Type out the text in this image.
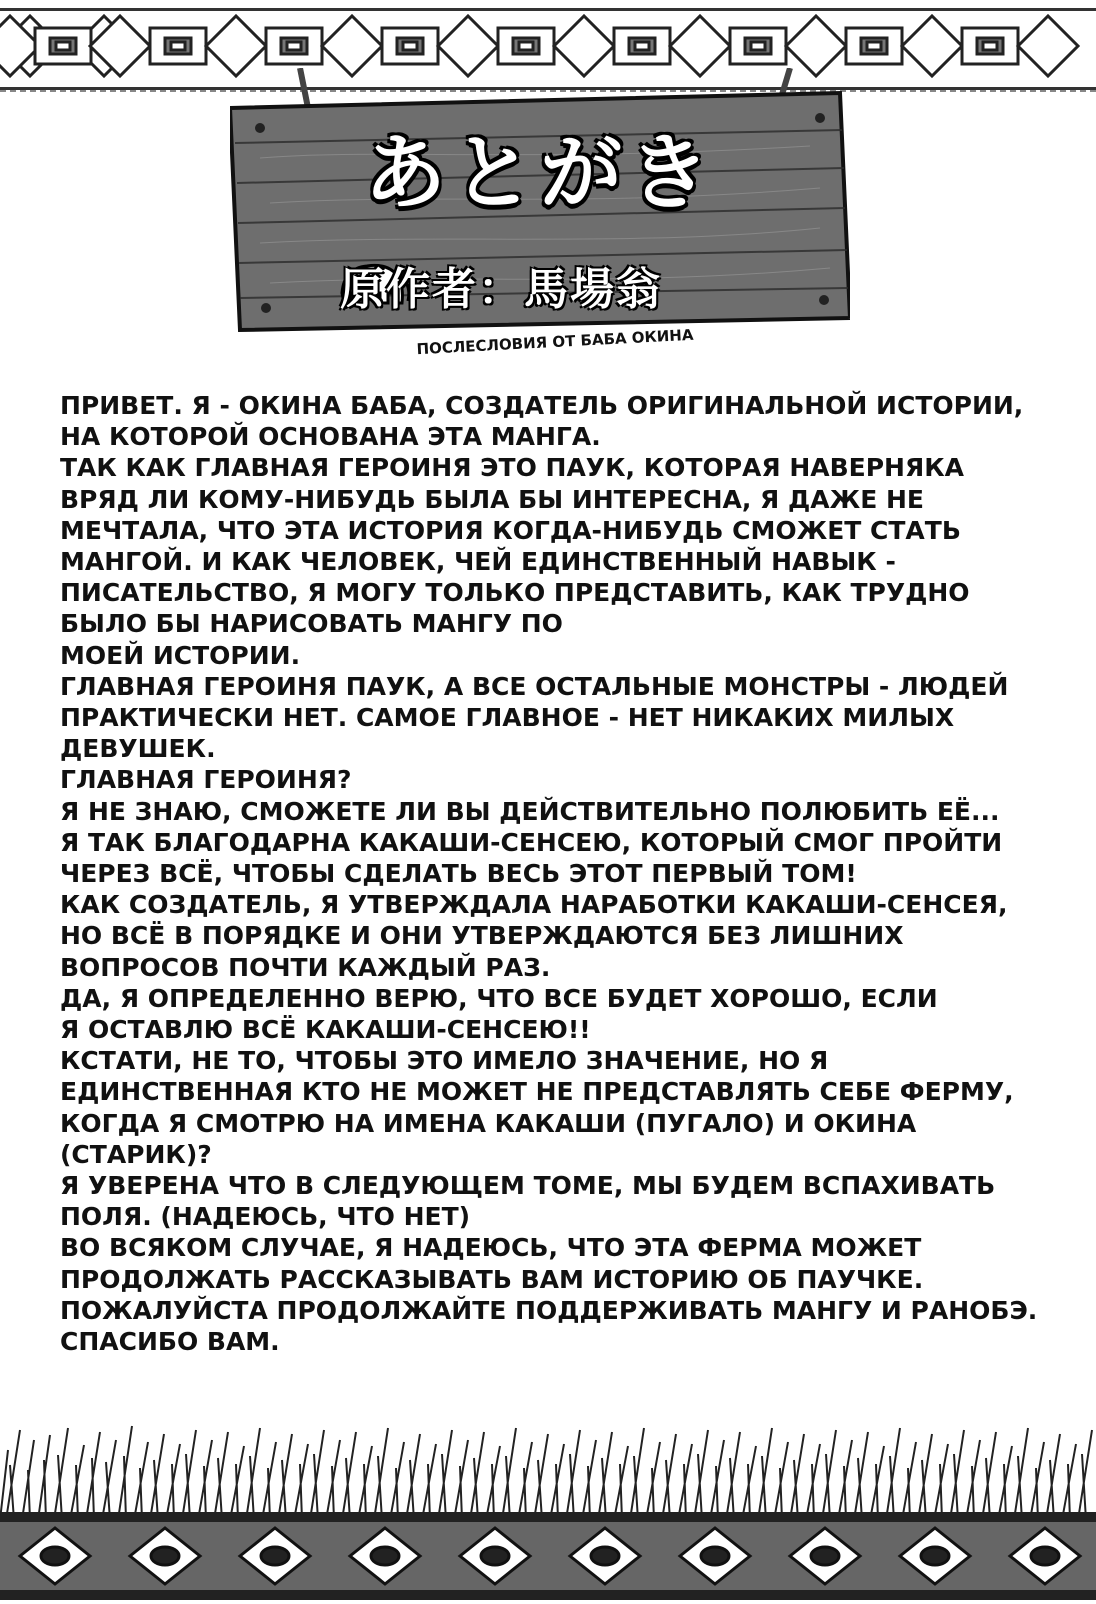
あとがき
原作者：馬場翁
ПОСЛЕСЛОВИЯ ОТ БАБА ОКИНА
ПРИВЕТ. Я - ОКИНА БАБА, СОЗДАТЕЛЬ ОРИГИНАЛЬНОЙ ИСТОРИИ,
НА КОТОРОЙ ОСНОВАНА ЭТА МАНГА.
ТАК КАК ГЛАВНАЯ ГЕРОИНЯ ЭТО ПАУК, КОТОРАЯ НАВЕРНЯКА
ВРЯД ЛИ КОМУ-НИБУДЬ БЫЛА БЫ ИНТЕРЕСНА, Я ДАЖЕ НЕ
МЕЧТАЛА, ЧТО ЭТА ИСТОРИЯ КОГДА-НИБУДЬ СМОЖЕТ СТАТЬ
МАНГОЙ. И КАК ЧЕЛОВЕК, ЧЕЙ ЕДИНСТВЕННЫЙ НАВЫК -
ПИСАТЕЛЬСТВО, Я МОГУ ТОЛЬКО ПРЕДСТАВИТЬ, КАК ТРУДНО
БЫЛО БЫ НАРИСОВАТЬ МАНГУ ПО
МОЕЙ ИСТОРИИ.
ГЛАВНАЯ ГЕРОИНЯ ПАУК, А ВСЕ ОСТАЛЬНЫЕ МОНСТРЫ - ЛЮДЕЙ
ПРАКТИЧЕСКИ НЕТ. САМОЕ ГЛАВНОЕ - НЕТ НИКАКИХ МИЛЫХ
ДЕВУШЕК.
ГЛАВНАЯ ГЕРОИНЯ?
Я НЕ ЗНАЮ, СМОЖЕТЕ ЛИ ВЫ ДЕЙСТВИТЕЛЬНО ПОЛЮБИТЬ ЕЁ...
Я ТАК БЛАГОДАРНА КАКАШИ-СЕНСЕЮ, КОТОРЫЙ СМОГ ПРОЙТИ
ЧЕРЕЗ ВСЁ, ЧТОБЫ СДЕЛАТЬ ВЕСЬ ЭТОТ ПЕРВЫЙ ТОМ!
КАК СОЗДАТЕЛЬ, Я УТВЕРЖДАЛА НАРАБОТКИ КАКАШИ-СЕНСЕЯ,
НО ВСЁ В ПОРЯДКЕ И ОНИ УТВЕРЖДАЮТСЯ БЕЗ ЛИШНИХ
ВОПРОСОВ ПОЧТИ КАЖДЫЙ РАЗ.
ДА, Я ОПРЕДЕЛЕННО ВЕРЮ, ЧТО ВСЕ БУДЕТ ХОРОШО, ЕСЛИ
Я ОСТАВЛЮ ВСЁ КАКАШИ-СЕНСЕЮ!!
КСТАТИ, НЕ ТО, ЧТОБЫ ЭТО ИМЕЛО ЗНАЧЕНИЕ, НО Я
ЕДИНСТВЕННАЯ КТО НЕ МОЖЕТ НЕ ПРЕДСТАВЛЯТЬ СЕБЕ ФЕРМУ,
КОГДА Я СМОТРЮ НА ИМЕНА КАКАШИ (ПУГАЛО) И ОКИНА
(СТАРИК)?
Я УВЕРЕНА ЧТО В СЛЕДУЮЩЕМ ТОМЕ, МЫ БУДЕМ ВСПАХИВАТЬ
ПОЛЯ. (НАДЕЮСЬ, ЧТО НЕТ)
ВО ВСЯКОМ СЛУЧАЕ, Я НАДЕЮСЬ, ЧТО ЭТА ФЕРМА МОЖЕТ
ПРОДОЛЖАТЬ РАССКАЗЫВАТЬ ВАМ ИСТОРИЮ ОБ ПАУЧКЕ.
ПОЖАЛУЙСТА ПРОДОЛЖАЙТЕ ПОДДЕРЖИВАТЬ МАНГУ И РАНОБЭ.
СПАСИБО ВАМ.
